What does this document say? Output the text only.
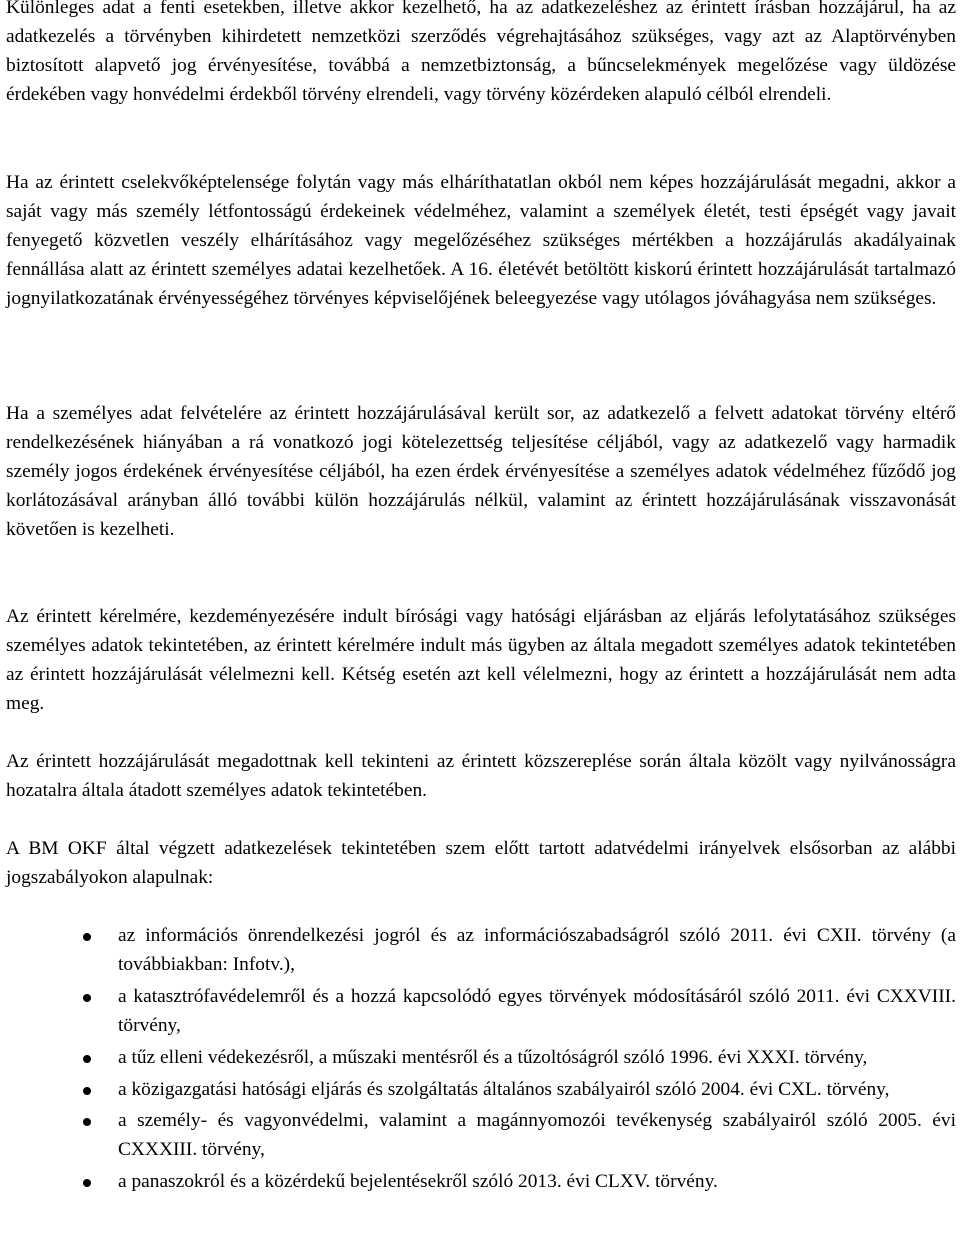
Különleges adat a fenti esetekben, illetve akkor kezelhető, ha az adatkezeléshez az érintett írásban hozzájárul, ha az adatkezelés a törvényben kihirdetett nemzetközi szerződés végrehajtásához szükséges, vagy azt az Alaptörvényben biztosított alapvető jog érvényesítése, továbbá a nemzetbiztonság, a bűncselekmények megelőzése vagy üldözése érdekében vagy honvédelmi érdekből törvény elrendeli, vagy törvény közérdeken alapuló célból elrendeli.

Ha az érintett cselekvőképtelensége folytán vagy más elháríthatatlan okból nem képes hozzájárulását megadni, akkor a saját vagy más személy létfontosságú érdekeinek védelméhez, valamint a személyek életét, testi épségét vagy javait fenyegető közvetlen veszély elhárításához vagy megelőzéséhez szükséges mértékben a hozzájárulás akadályainak fennállása alatt az érintett személyes adatai kezelhetőek. A 16. életévét betöltött kiskorú érintett hozzájárulását tartalmazó jognyilatkozatának érvényességéhez törvényes képviselőjének beleegyezése vagy utólagos jóváhagyása nem szükséges.

Ha a személyes adat felvételére az érintett hozzájárulásával került sor, az adatkezelő a felvett adatokat törvény eltérő rendelkezésének hiányában a rá vonatkozó jogi kötelezettség teljesítése céljából, vagy az adatkezelő vagy harmadik személy jogos érdekének érvényesítése céljából, ha ezen érdek érvényesítése a személyes adatok védelméhez fűződő jog korlátozásával arányban álló további külön hozzájárulás nélkül, valamint az érintett hozzájárulásának visszavonását követően is kezelheti.

Az érintett kérelmére, kezdeményezésére indult bírósági vagy hatósági eljárásban az eljárás lefolytatásához szükséges személyes adatok tekintetében, az érintett kérelmére indult más ügyben az általa megadott személyes adatok tekintetében az érintett hozzájárulását vélelmezni kell. Kétség esetén azt kell vélelmezni, hogy az érintett a hozzájárulását nem adta meg.

Az érintett hozzájárulását megadottnak kell tekinteni az érintett közszereplése során általa közölt vagy nyilvánosságra hozatalra általa átadott személyes adatok tekintetében.

A BM OKF által végzett adatkezelések tekintetében szem előtt tartott adatvédelmi irányelvek elsősorban az alábbi jogszabályokon alapulnak:

az információs önrendelkezési jogról és az információszabadságról szóló 2011. évi CXII. törvény (a továbbiakban: Infotv.),
a katasztrófavédelemről és a hozzá kapcsolódó egyes törvények módosításáról szóló 2011. évi CXXVIII. törvény,
a tűz elleni védekezésről, a műszaki mentésről és a tűzoltóságról szóló 1996. évi XXXI. törvény,
a közigazgatási hatósági eljárás és szolgáltatás általános szabályairól szóló 2004. évi CXL. törvény,
a személy- és vagyonvédelmi, valamint a magánnyomozói tevékenység szabályairól szóló 2005. évi CXXXIII. törvény,
a panaszokról és a közérdekű bejelentésekről szóló 2013. évi CLXV. törvény.
